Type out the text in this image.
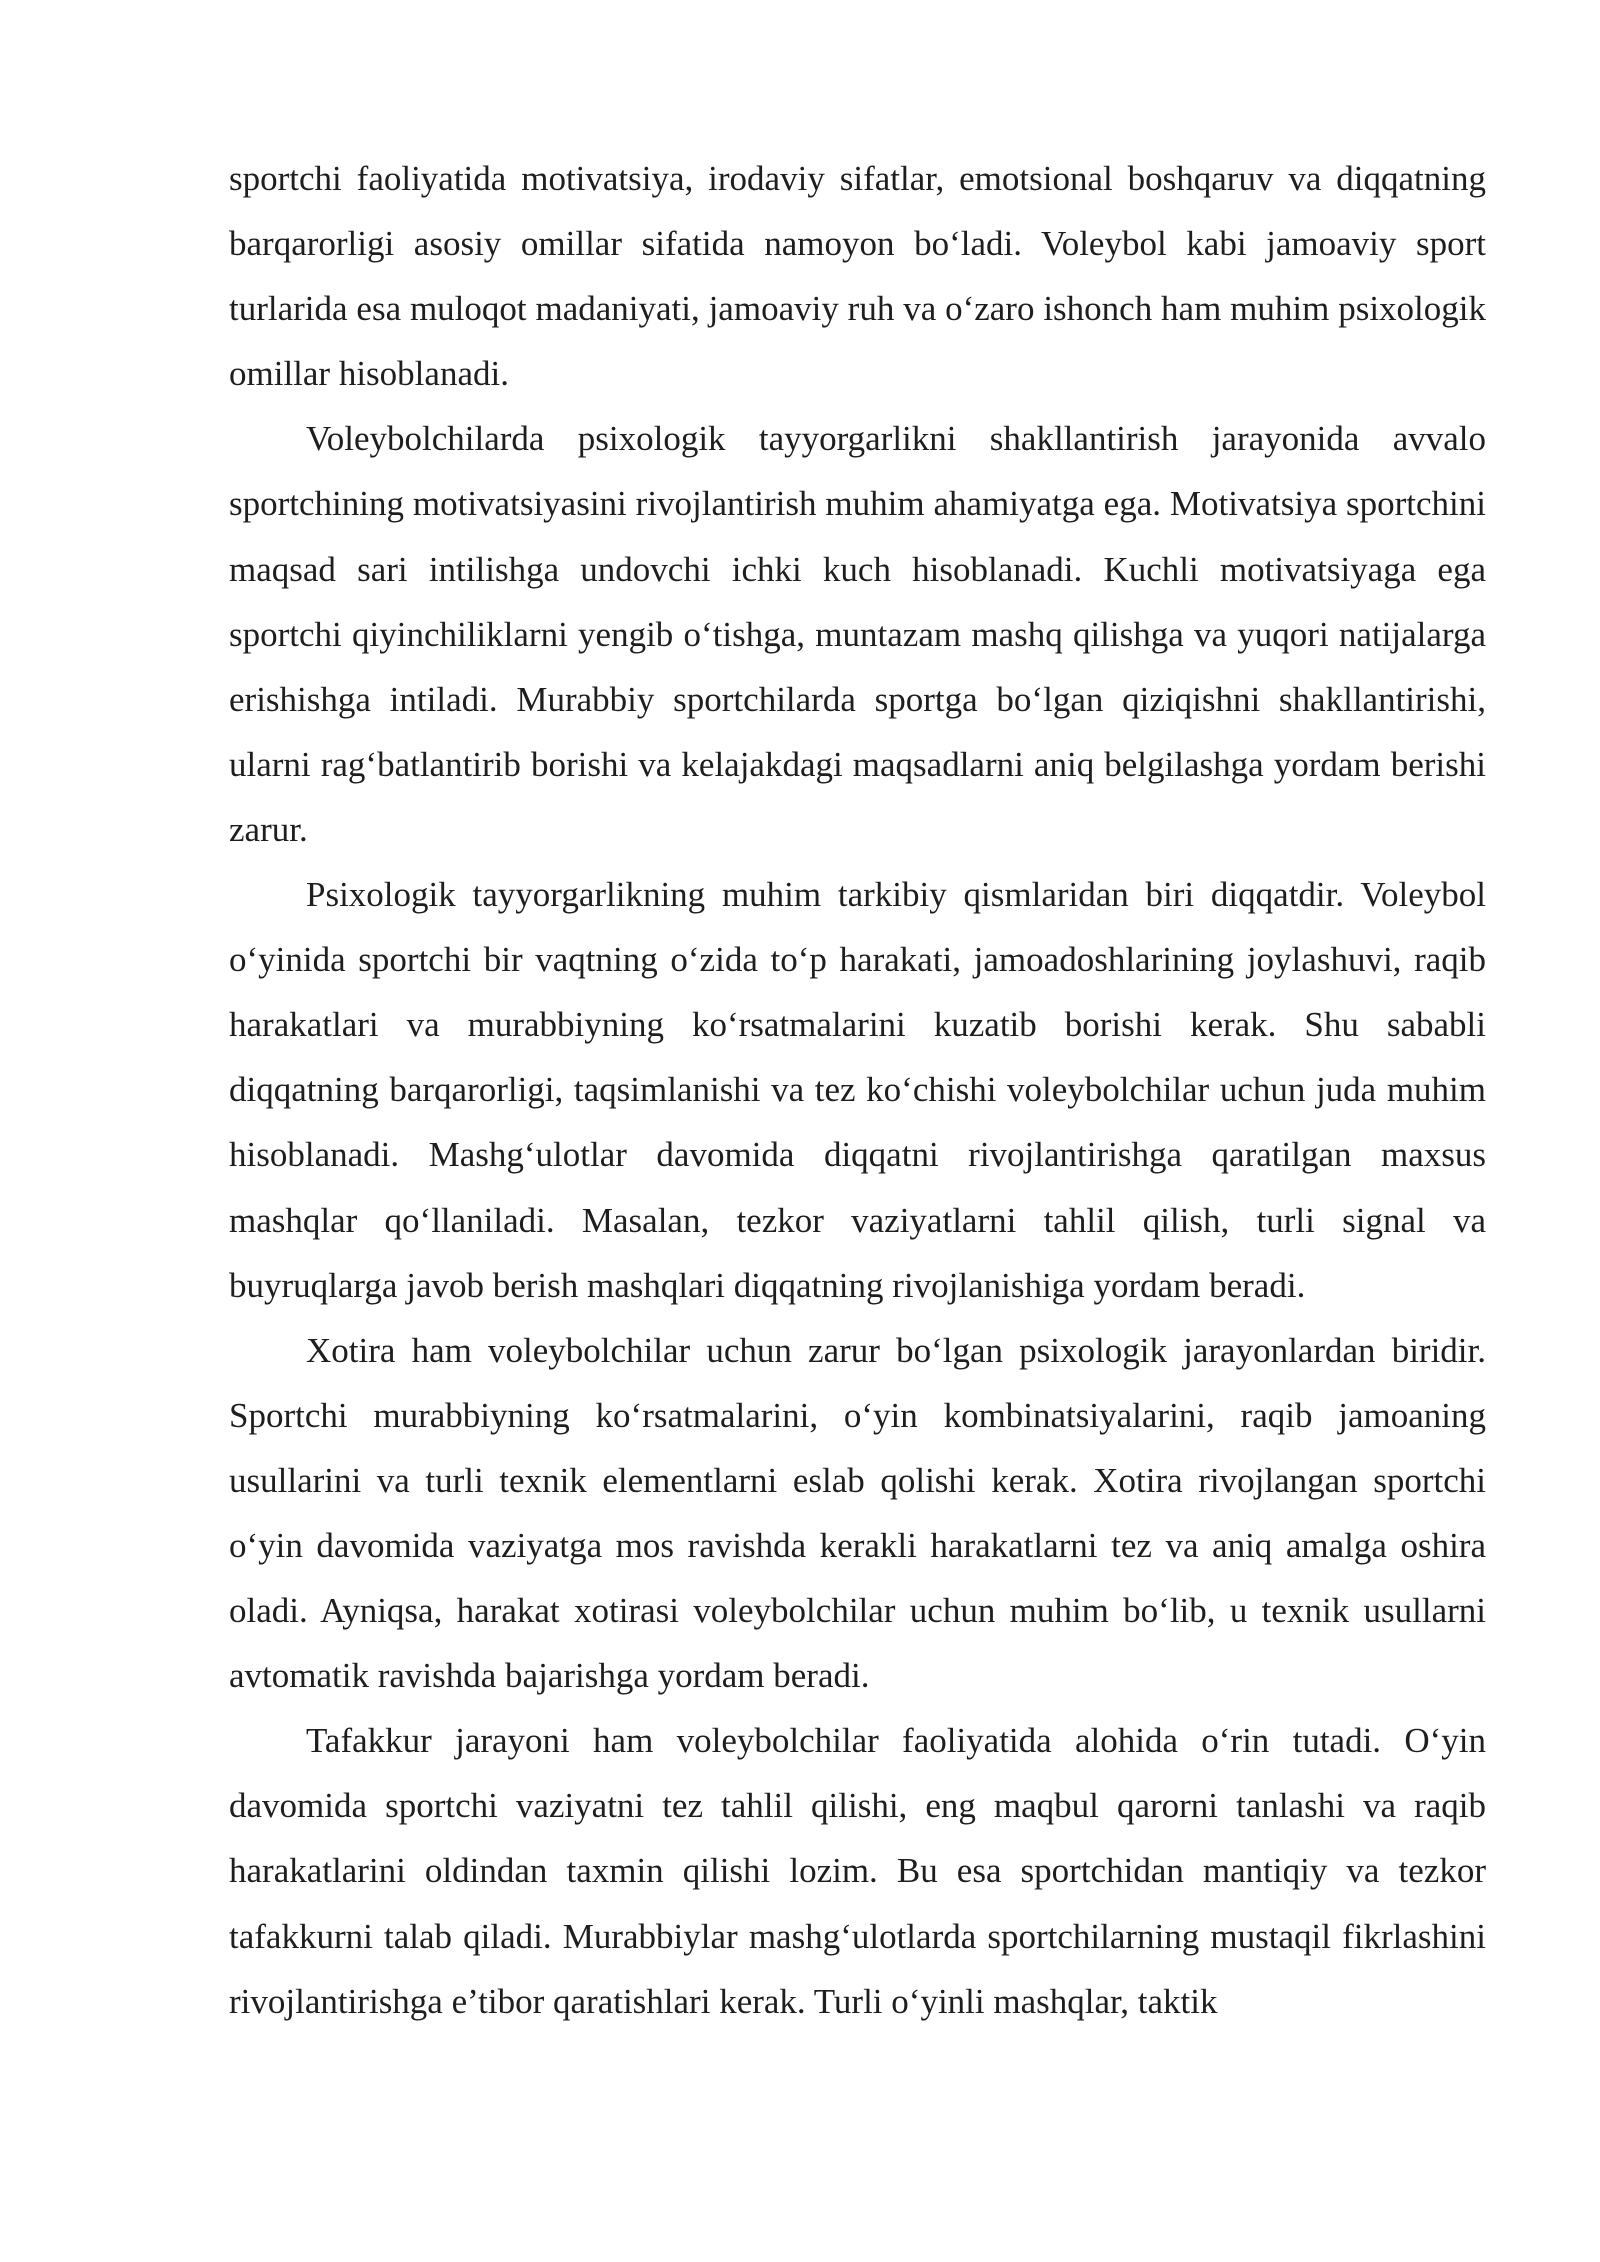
sportchi faoliyatida motivatsiya, irodaviy sifatlar, emotsional boshqaruv va diqqatning barqarorligi asosiy omillar sifatida namoyon bo‘ladi. Voleybol kabi jamoaviy sport turlarida esa muloqot madaniyati, jamoaviy ruh va o‘zaro ishonch ham muhim psixologik omillar hisoblanadi.

Voleybolchilarda psixologik tayyorgarlikni shakllantirish jarayonida avvalo sportchining motivatsiyasini rivojlantirish muhim ahamiyatga ega. Motivatsiya sportchini maqsad sari intilishga undovchi ichki kuch hisoblanadi. Kuchli motivatsiyaga ega sportchi qiyinchiliklarni yengib o‘tishga, muntazam mashq qilishga va yuqori natijalarga erishishga intiladi. Murabbiy sportchilarda sportga bo‘lgan qiziqishni shakllantirishi, ularni rag‘batlantirib borishi va kelajakdagi maqsadlarni aniq belgilashga yordam berishi zarur.

Psixologik tayyorgarlikning muhim tarkibiy qismlaridan biri diqqatdir. Voleybol o‘yinida sportchi bir vaqtning o‘zida to‘p harakati, jamoadoshlarining joylashuvi, raqib harakatlari va murabbiyning ko‘rsatmalarini kuzatib borishi kerak. Shu sababli diqqatning barqarorligi, taqsimlanishi va tez ko‘chishi voleybolchilar uchun juda muhim hisoblanadi. Mashg‘ulotlar davomida diqqatni rivojlantirishga qaratilgan maxsus mashqlar qo‘llaniladi. Masalan, tezkor vaziyatlarni tahlil qilish, turli signal va buyruqlarga javob berish mashqlari diqqatning rivojlanishiga yordam beradi.

Xotira ham voleybolchilar uchun zarur bo‘lgan psixologik jarayonlardan biridir. Sportchi murabbiyning ko‘rsatmalarini, o‘yin kombinatsiyalarini, raqib jamoaning usullarini va turli texnik elementlarni eslab qolishi kerak. Xotira rivojlangan sportchi o‘yin davomida vaziyatga mos ravishda kerakli harakatlarni tez va aniq amalga oshira oladi. Ayniqsa, harakat xotirasi voleybolchilar uchun muhim bo‘lib, u texnik usullarni avtomatik ravishda bajarishga yordam beradi.

Tafakkur jarayoni ham voleybolchilar faoliyatida alohida o‘rin tutadi. O‘yin davomida sportchi vaziyatni tez tahlil qilishi, eng maqbul qarorni tanlashi va raqib harakatlarini oldindan taxmin qilishi lozim. Bu esa sportchidan mantiqiy va tezkor tafakkurni talab qiladi. Murabbiylar mashg‘ulotlarda sportchilarning mustaqil fikrlashini rivojlantirishga e’tibor qaratishlari kerak. Turli o‘yinli mashqlar, taktik
